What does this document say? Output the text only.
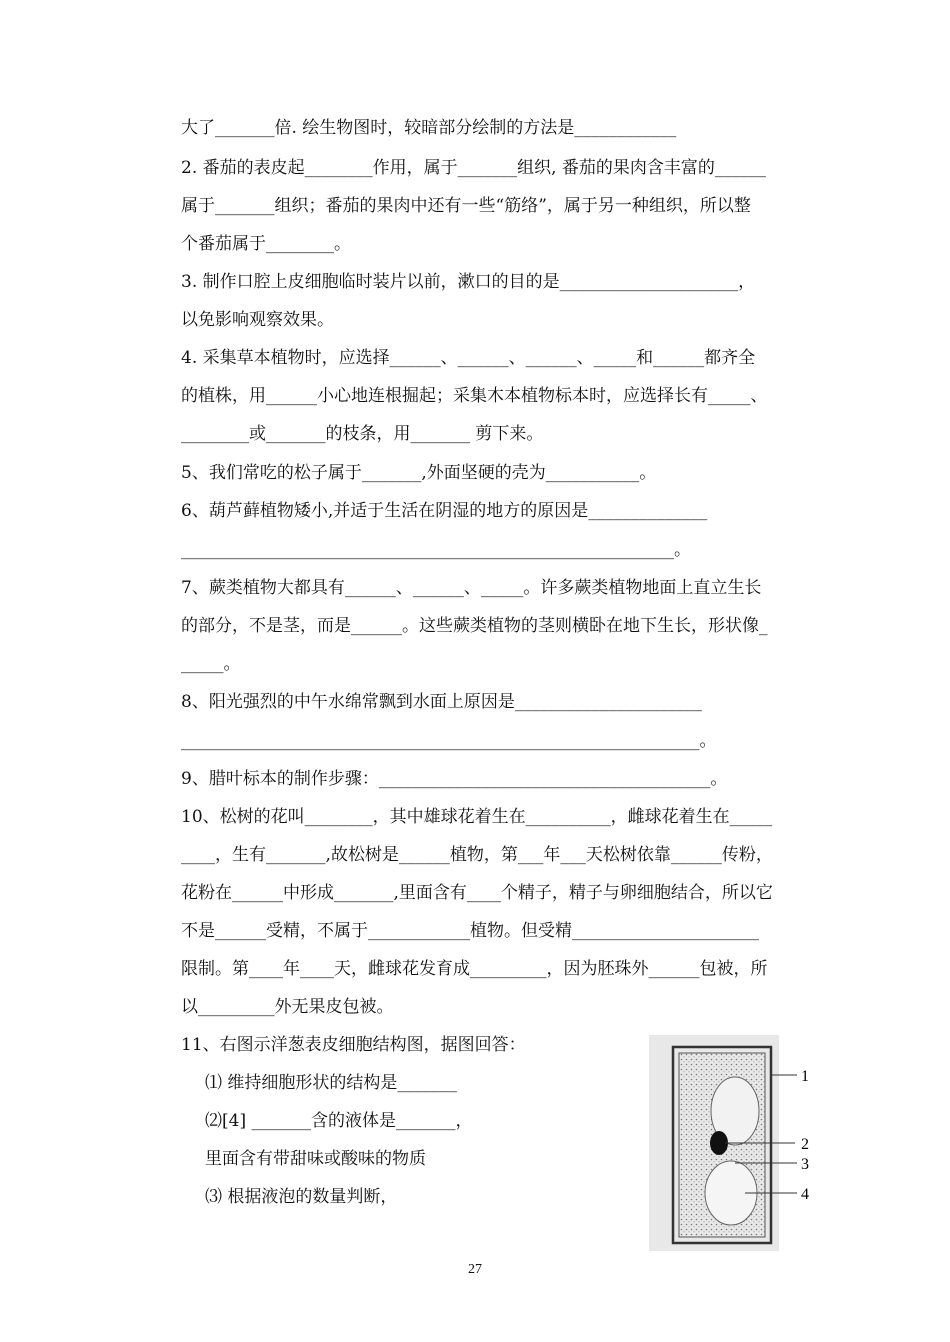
大了_______倍. 绘生物图时，较暗部分绘制的方法是____________
2. 番茄的表皮起________作用，属于_______组织, 番茄的果肉含丰富的______
属于_______组织；番茄的果肉中还有一些“筋络”，属于另一种组织，所以整
个番茄属于________。
3. 制作口腔上皮细胞临时装片以前，漱口的目的是_____________________，
以免影响观察效果。
4. 采集草本植物时，应选择______、______、______、_____和______都齐全
的植株，用______小心地连根掘起；采集木本植物标本时，应选择长有_____、
________或_______的枝条，用_______ 剪下来。
5、我们常吃的松子属于_______,外面坚硬的壳为___________。
6、葫芦藓植物矮小,并适于生活在阴湿的地方的原因是______________
__________________________________________________________。
7、蕨类植物大都具有______、______、_____。许多蕨类植物地面上直立生长
的部分，不是茎，而是______。这些蕨类植物的茎则横卧在地下生长，形状像_
_____。
8、阳光强烈的中午水绵常飘到水面上原因是______________________
_____________________________________________________________。
9、腊叶标本的制作步骤：_______________________________________。
10、松树的花叫________，其中雄球花着生在__________，雌球花着生在_____
____，生有_______,故松树是______植物，第___年___天松树依靠______传粉，
花粉在______中形成_______,里面含有____个精子，精子与卵细胞结合，所以它
不是______受精，不属于____________植物。但受精______________________
限制。第____年____天，雌球花发育成_________，因为胚珠外______包被，所
以_________外无果皮包被。
11、右图示洋葱表皮细胞结构图，据图回答：
⑴ 维持细胞形状的结构是_______
⑵[4] _______含的液体是_______，
里面含有带甜味或酸味的物质
⑶ 根据液泡的数量判断，
1
2
3
4
27
